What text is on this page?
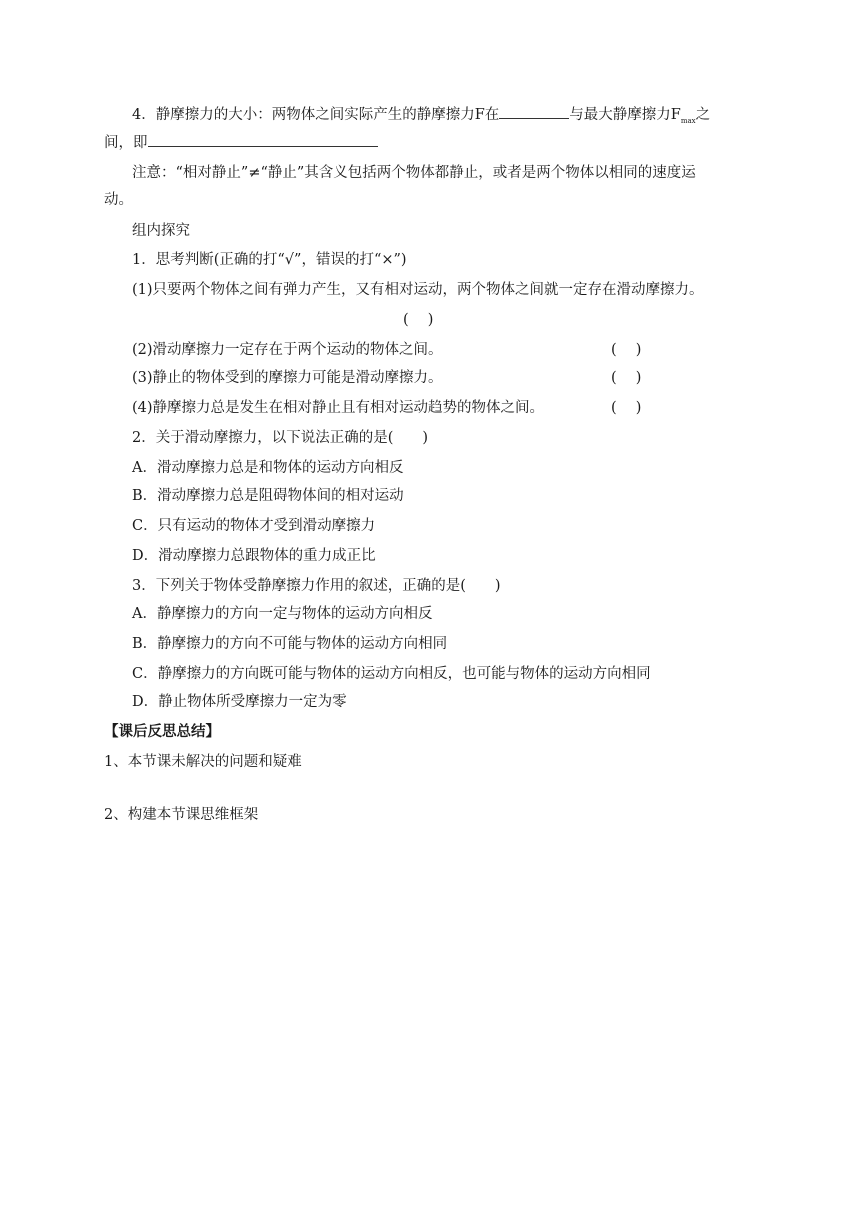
4．静摩擦力的大小：两物体之间实际产生的静摩擦力F在	与最大静摩擦力$F_{max}$之
间，即
注意：“相对静止”≠“静止”其含义包括两个物体都静止，或者是两个物体以相同的速度运
动。
组内探究
1．思考判断(正确的打“√”，错误的打“×”)
(1)只要两个物体之间有弹力产生，又有相对运动，两个物体之间就一定存在滑动摩擦力。
(　 )
(2)滑动摩擦力一定存在于两个运动的物体之间。	(　 )
(3)静止的物体受到的摩擦力可能是滑动摩擦力。	(　 )
(4)静摩擦力总是发生在相对静止且有相对运动趋势的物体之间。	(　 )
2．关于滑动摩擦力，以下说法正确的是(　　)
A．滑动摩擦力总是和物体的运动方向相反
B．滑动摩擦力总是阻碍物体间的相对运动
C．只有运动的物体才受到滑动摩擦力
D．滑动摩擦力总跟物体的重力成正比
3．下列关于物体受静摩擦力作用的叙述，正确的是(　　)
A．静摩擦力的方向一定与物体的运动方向相反
B．静摩擦力的方向不可能与物体的运动方向相同
C．静摩擦力的方向既可能与物体的运动方向相反，也可能与物体的运动方向相同
D．静止物体所受摩擦力一定为零
【课后反思总结】
1、本节课未解决的问题和疑难
2、构建本节课思维框架
